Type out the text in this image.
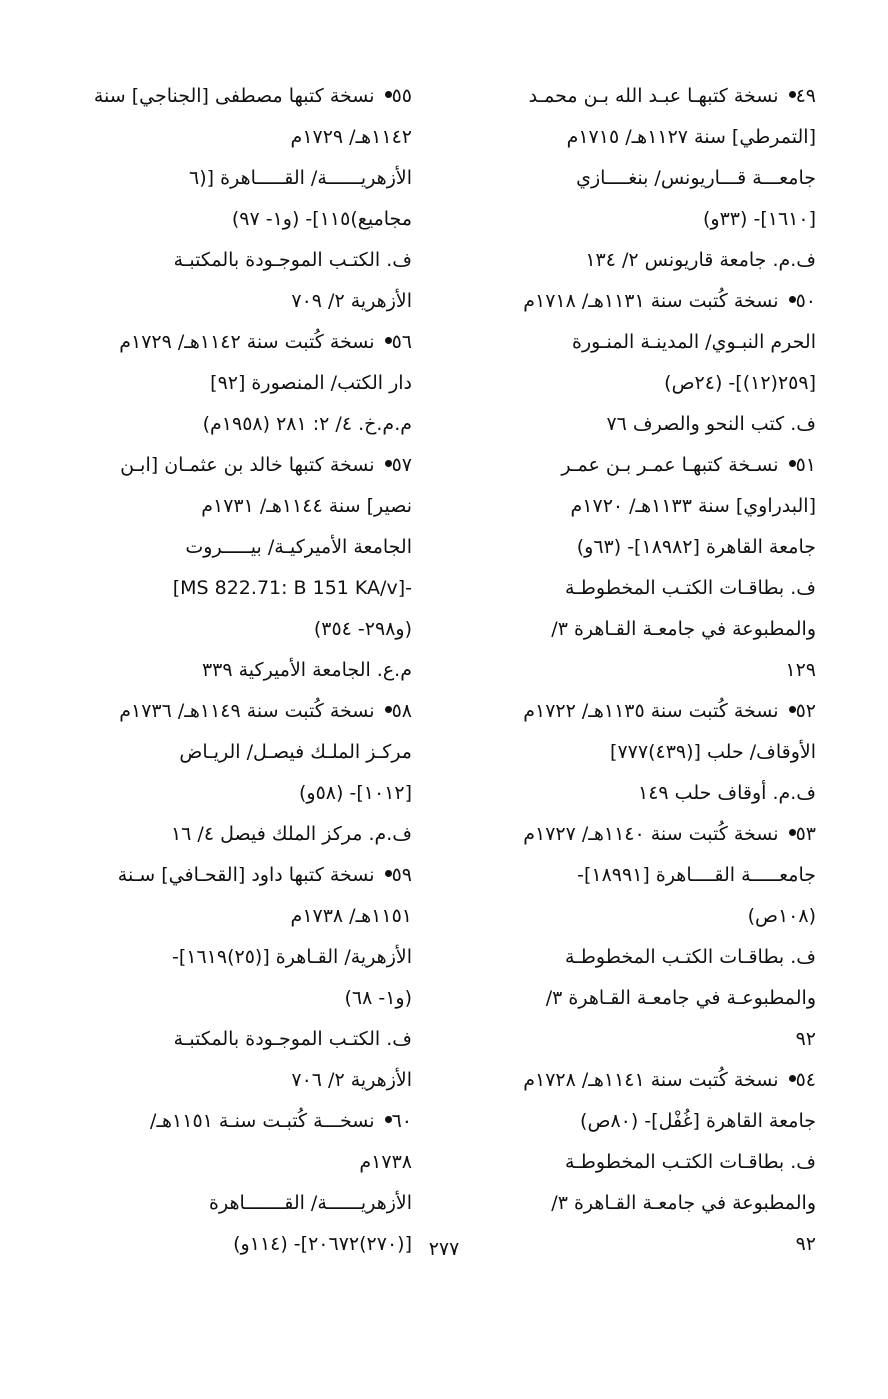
٤٩ نسخة كتبهـا عبـد الله بـن محمـد
[التمرطي] سنة ١١٢٧هـ/ ١٧١٥م
جامعـــة قـــاريونس/ بنغــــازي
[١٦١٠]- (٣٣و)
ف.م. جامعة قاريونس ٢/ ١٣٤
٥٠ نسخة كُتبت سنة ١١٣١هـ/ ١٧١٨م
الحرم النبـوي/ المدينـة المنـورة
[٢٥٩(١٢)]- (٢٤ص)
ف. كتب النحو والصرف ٧٦
٥١ نسـخة كتبهـا عمـر بـن عمـر
[البدراوي] سنة ١١٣٣هـ/ ١٧٢٠م
جامعة القاهرة [١٨٩٨٢]- (٦٣و)
ف. بطاقـات الكتـب المخطوطـة
والمطبوعة في جامعـة القـاهرة ٣/
١٢٩
٥٢ نسخة كُتبت سنة ١١٣٥هـ/ ١٧٢٢م
الأوقاف/ حلب [(٤٣٩)٧٧٧]
ف.م. أوقاف حلب ١٤٩
٥٣ نسخة كُتبت سنة ١١٤٠هـ/ ١٧٢٧م
جامعـــــة القــــاهرة [١٨٩٩١]-
(١٠٨ص)
ف. بطاقـات الكتـب المخطوطـة
والمطبوعـة في جامعـة القـاهرة ٣/
٩٢
٥٤ نسخة كُتبت سنة ١١٤١هـ/ ١٧٢٨م
جامعة القاهرة [غُفْل]- (٨٠ص)
ف. بطاقـات الكتـب المخطوطـة
والمطبوعة في جامعـة القـاهرة ٣/
٩٢
٥٥ نسخة كتبها مصطفى [الجناجي] سنة
١١٤٢هـ/ ١٧٢٩م
الأزهريــــــة/ القـــــاهرة [(٦
مجاميع)١١٥]- (و١- ٩٧)
ف. الكتـب الموجـودة بالمكتبـة
الأزهرية ٢/ ٧٠٩
٥٦ نسخة كُتبت سنة ١١٤٢هـ/ ١٧٢٩م
دار الكتب/ المنصورة [٩٢]
م.م.خ. ٤/ ٢: ٢٨١ (١٩٥٨م)
٥٧ نسخة كتبها خالد بن عثمـان [ابـن
نصير] سنة ١١٤٤هـ/ ١٧٣١م
الجامعة الأميركيـة/ بيـــــروت
-[MS 822.71: B 151 KA/v]
(و٢٩٨- ٣٥٤)
م.ع. الجامعة الأميركية ٣٣٩
٥٨ نسخة كُتبت سنة ١١٤٩هـ/ ١٧٣٦م
مركـز الملـك فيصـل/ الريـاض
[١٠١٢]- (٥٨و)
ف.م. مركز الملك فيصل ٤/ ١٦
٥٩ نسخة كتبها داود [القحـافي] سـنة
١١٥١هـ/ ١٧٣٨م
الأزهرية/ القـاهرة [(٢٥)١٦١٩]-
(و١- ٦٨)
ف. الكتـب الموجـودة بالمكتبـة
الأزهرية ٢/ ٧٠٦
٦٠ نسخـــة كُتبـت سنـة ١١٥١هـ/
١٧٣٨م
الأزهريــــــة/ القـــــــاهرة
[(٢٧٠)٢٠٦٧٢]- (١١٤و) ٢٧٧
